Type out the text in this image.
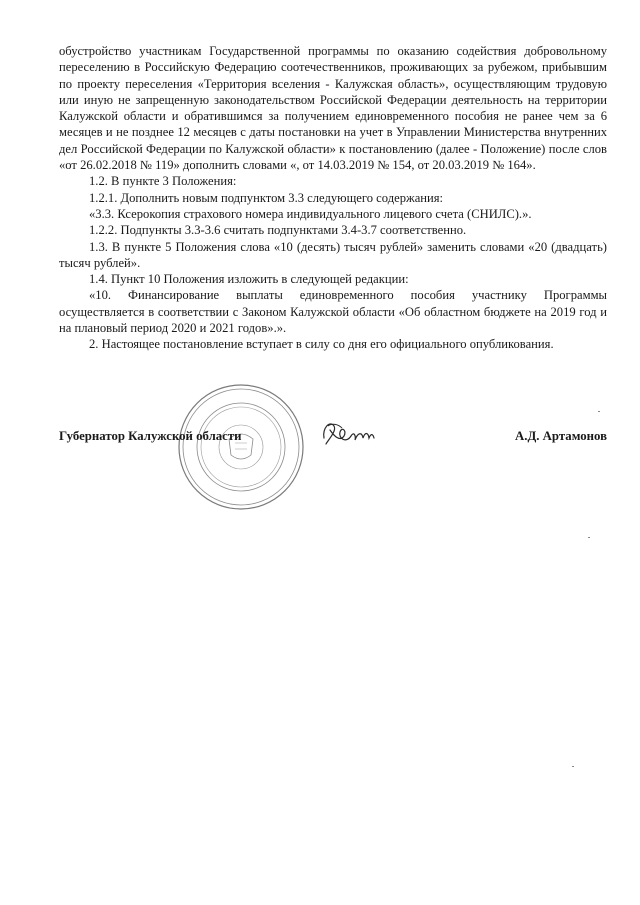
обустройство участникам Государственной программы по оказанию содействия добровольному переселению в Российскую Федерацию соотечественников, проживающих за рубежом, прибывшим по проекту переселения «Территория вселения - Калужская область», осуществляющим трудовую или иную не запрещенную законодательством Российской Федерации деятельность на территории Калужской области и обратившимся за получением единовременного пособия не ранее чем за 6 месяцев и не позднее 12 месяцев с даты постановки на учет в Управлении Министерства внутренних дел Российской Федерации по Калужской области» к постановлению (далее - Положение) после слов «от 26.02.2018 № 119» дополнить словами «, от 14.03.2019 № 154, от 20.03.2019 № 164».

1.2. В пункте 3 Положения:

1.2.1. Дополнить новым подпунктом 3.3 следующего содержания:

«3.3. Ксерокопия страхового номера индивидуального лицевого счета (СНИЛС).».

1.2.2. Подпункты 3.3-3.6 считать подпунктами 3.4-3.7 соответственно.

1.3. В пункте 5 Положения слова «10 (десять) тысяч рублей» заменить словами «20 (двадцать) тысяч рублей».

1.4. Пункт 10 Положения изложить в следующей редакции:

«10. Финансирование выплаты единовременного пособия участнику Программы осуществляется в соответствии с Законом Калужской области «Об областном бюджете на 2019 год и на плановый период 2020 и 2021 годов».».

2. Настоящее постановление вступает в силу со дня его официального опубликования.

Губернатор Калужской области	А.Д. Артамонов
